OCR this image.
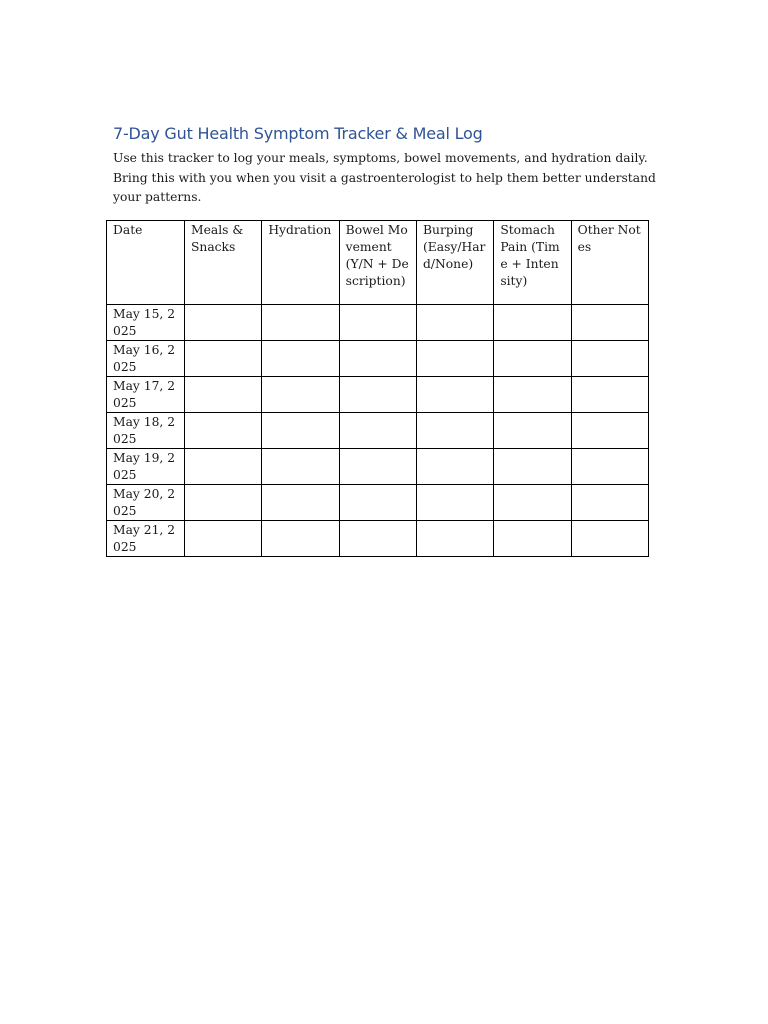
7-Day Gut Health Symptom Tracker & Meal Log
Use this tracker to log your meals, symptoms, bowel movements, and hydration daily. Bring this with you when you visit a gastroenterologist to help them better understand your patterns.
Date	Meals & Snacks	Hydration	Bowel Movement (Y/N + Description)	Burping (Easy/Hard/None)	Stomach Pain (Time + Intensity)	Other Notes
May 15, 2025						
May 16, 2025						
May 17, 2025						
May 18, 2025						
May 19, 2025						
May 20, 2025						
May 21, 2025						
